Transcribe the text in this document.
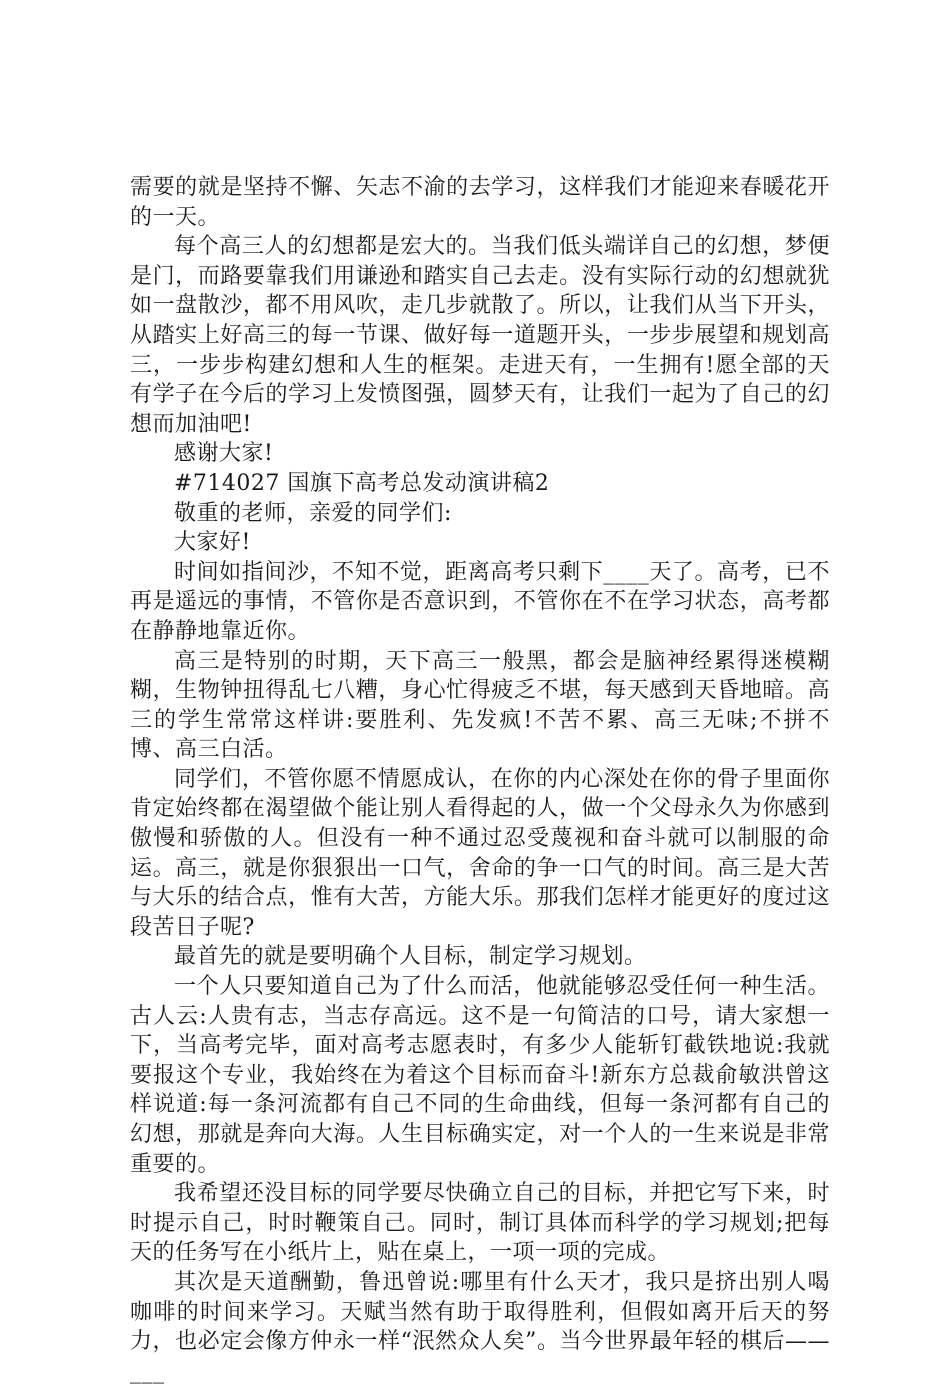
需要的就是坚持不懈、矢志不渝的去学习，这样我们才能迎来春暖花开的一天。

每个高三人的幻想都是宏大的。当我们低头端详自己的幻想，梦便是门，而路要靠我们用谦逊和踏实自己去走。没有实际行动的幻想就犹如一盘散沙，都不用风吹，走几步就散了。所以，让我们从当下开头，从踏实上好高三的每一节课、做好每一道题开头，一步步展望和规划高三，一步步构建幻想和人生的框架。走进天有，一生拥有!愿全部的天有学子在今后的学习上发愤图强，圆梦天有，让我们一起为了自己的幻想而加油吧!

感谢大家!

#714027 国旗下高考总发动演讲稿2

敬重的老师，亲爱的同学们:

大家好!

时间如指间沙，不知不觉，距离高考只剩下____天了。高考，已不再是遥远的事情，不管你是否意识到，不管你在不在学习状态，高考都在静静地靠近你。

高三是特别的时期，天下高三一般黑，都会是脑神经累得迷模糊糊，生物钟扭得乱七八糟，身心忙得疲乏不堪，每天感到天昏地暗。高三的学生常常这样讲:要胜利、先发疯!不苦不累、高三无味;不拼不博、高三白活。

同学们，不管你愿不情愿成认，在你的内心深处在你的骨子里面你肯定始终都在渴望做个能让别人看得起的人，做一个父母永久为你感到傲慢和骄傲的人。但没有一种不通过忍受蔑视和奋斗就可以制服的命运。高三，就是你狠狠出一口气，舍命的争一口气的时间。高三是大苦与大乐的结合点，惟有大苦，方能大乐。那我们怎样才能更好的度过这段苦日子呢?

最首先的就是要明确个人目标，制定学习规划。

一个人只要知道自己为了什么而活，他就能够忍受任何一种生活。古人云:人贵有志，当志存高远。这不是一句简洁的口号，请大家想一下，当高考完毕，面对高考志愿表时，有多少人能斩钉截铁地说:我就要报这个专业，我始终在为着这个目标而奋斗!新东方总裁俞敏洪曾这样说道:每一条河流都有自己不同的生命曲线，但每一条河都有自己的幻想，那就是奔向大海。人生目标确实定，对一个人的一生来说是非常重要的。

我希望还没目标的同学要尽快确立自己的目标，并把它写下来，时时提示自己，时时鞭策自己。同时，制订具体而科学的学习规划;把每天的任务写在小纸片上，贴在桌上，一项一项的完成。

其次是天道酬勤，鲁迅曾说:哪里有什么天才，我只是挤出别人喝咖啡的时间来学习。天赋当然有助于取得胜利，但假如离开后天的努力，也必定会像方仲永一样“泯然众人矣”。当今世界最年轻的棋后——___
